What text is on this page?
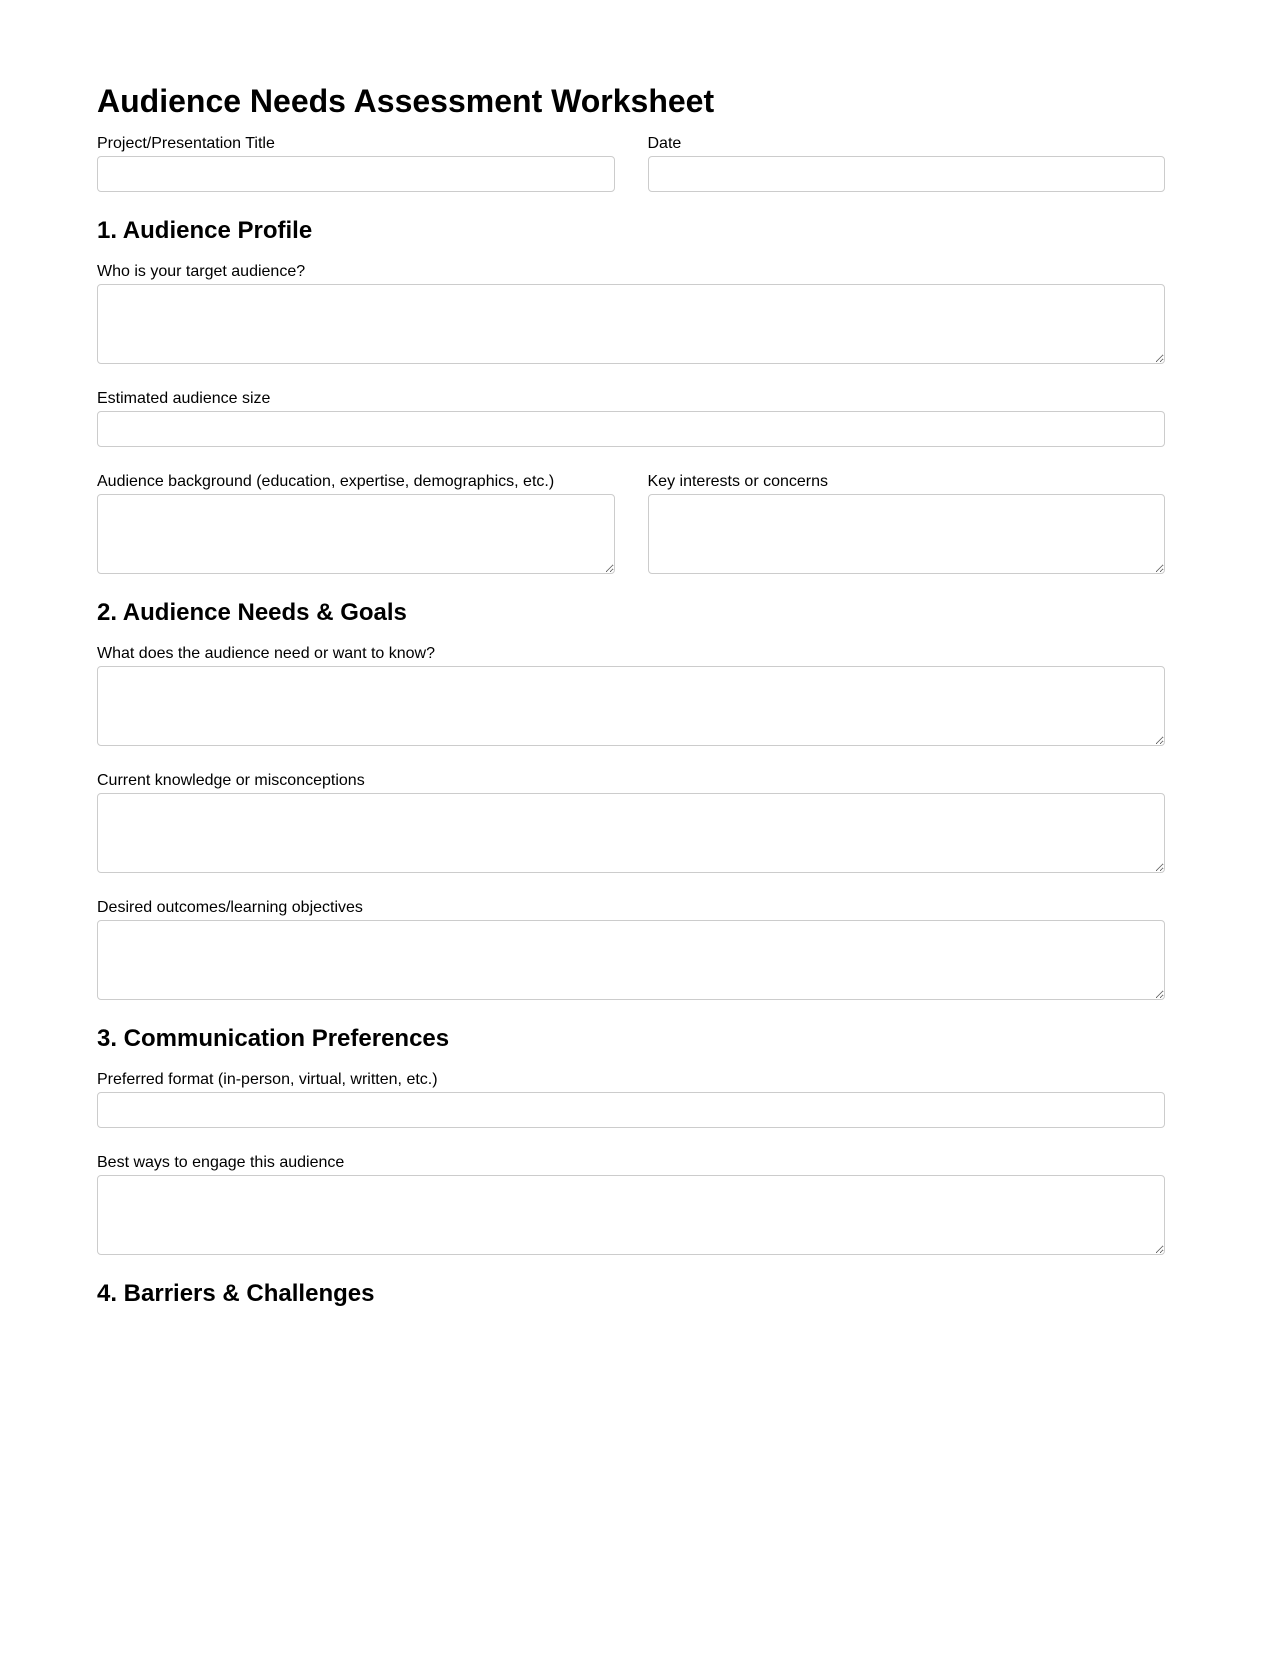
Audience Needs Assessment Worksheet
Project/Presentation Title	Date
1. Audience Profile
Who is your target audience?
Estimated audience size
Audience background (education, expertise, demographics, etc.)	Key interests or concerns
2. Audience Needs & Goals
What does the audience need or want to know?
Current knowledge or misconceptions
Desired outcomes/learning objectives
3. Communication Preferences
Preferred format (in-person, virtual, written, etc.)
Best ways to engage this audience
4. Barriers & Challenges
